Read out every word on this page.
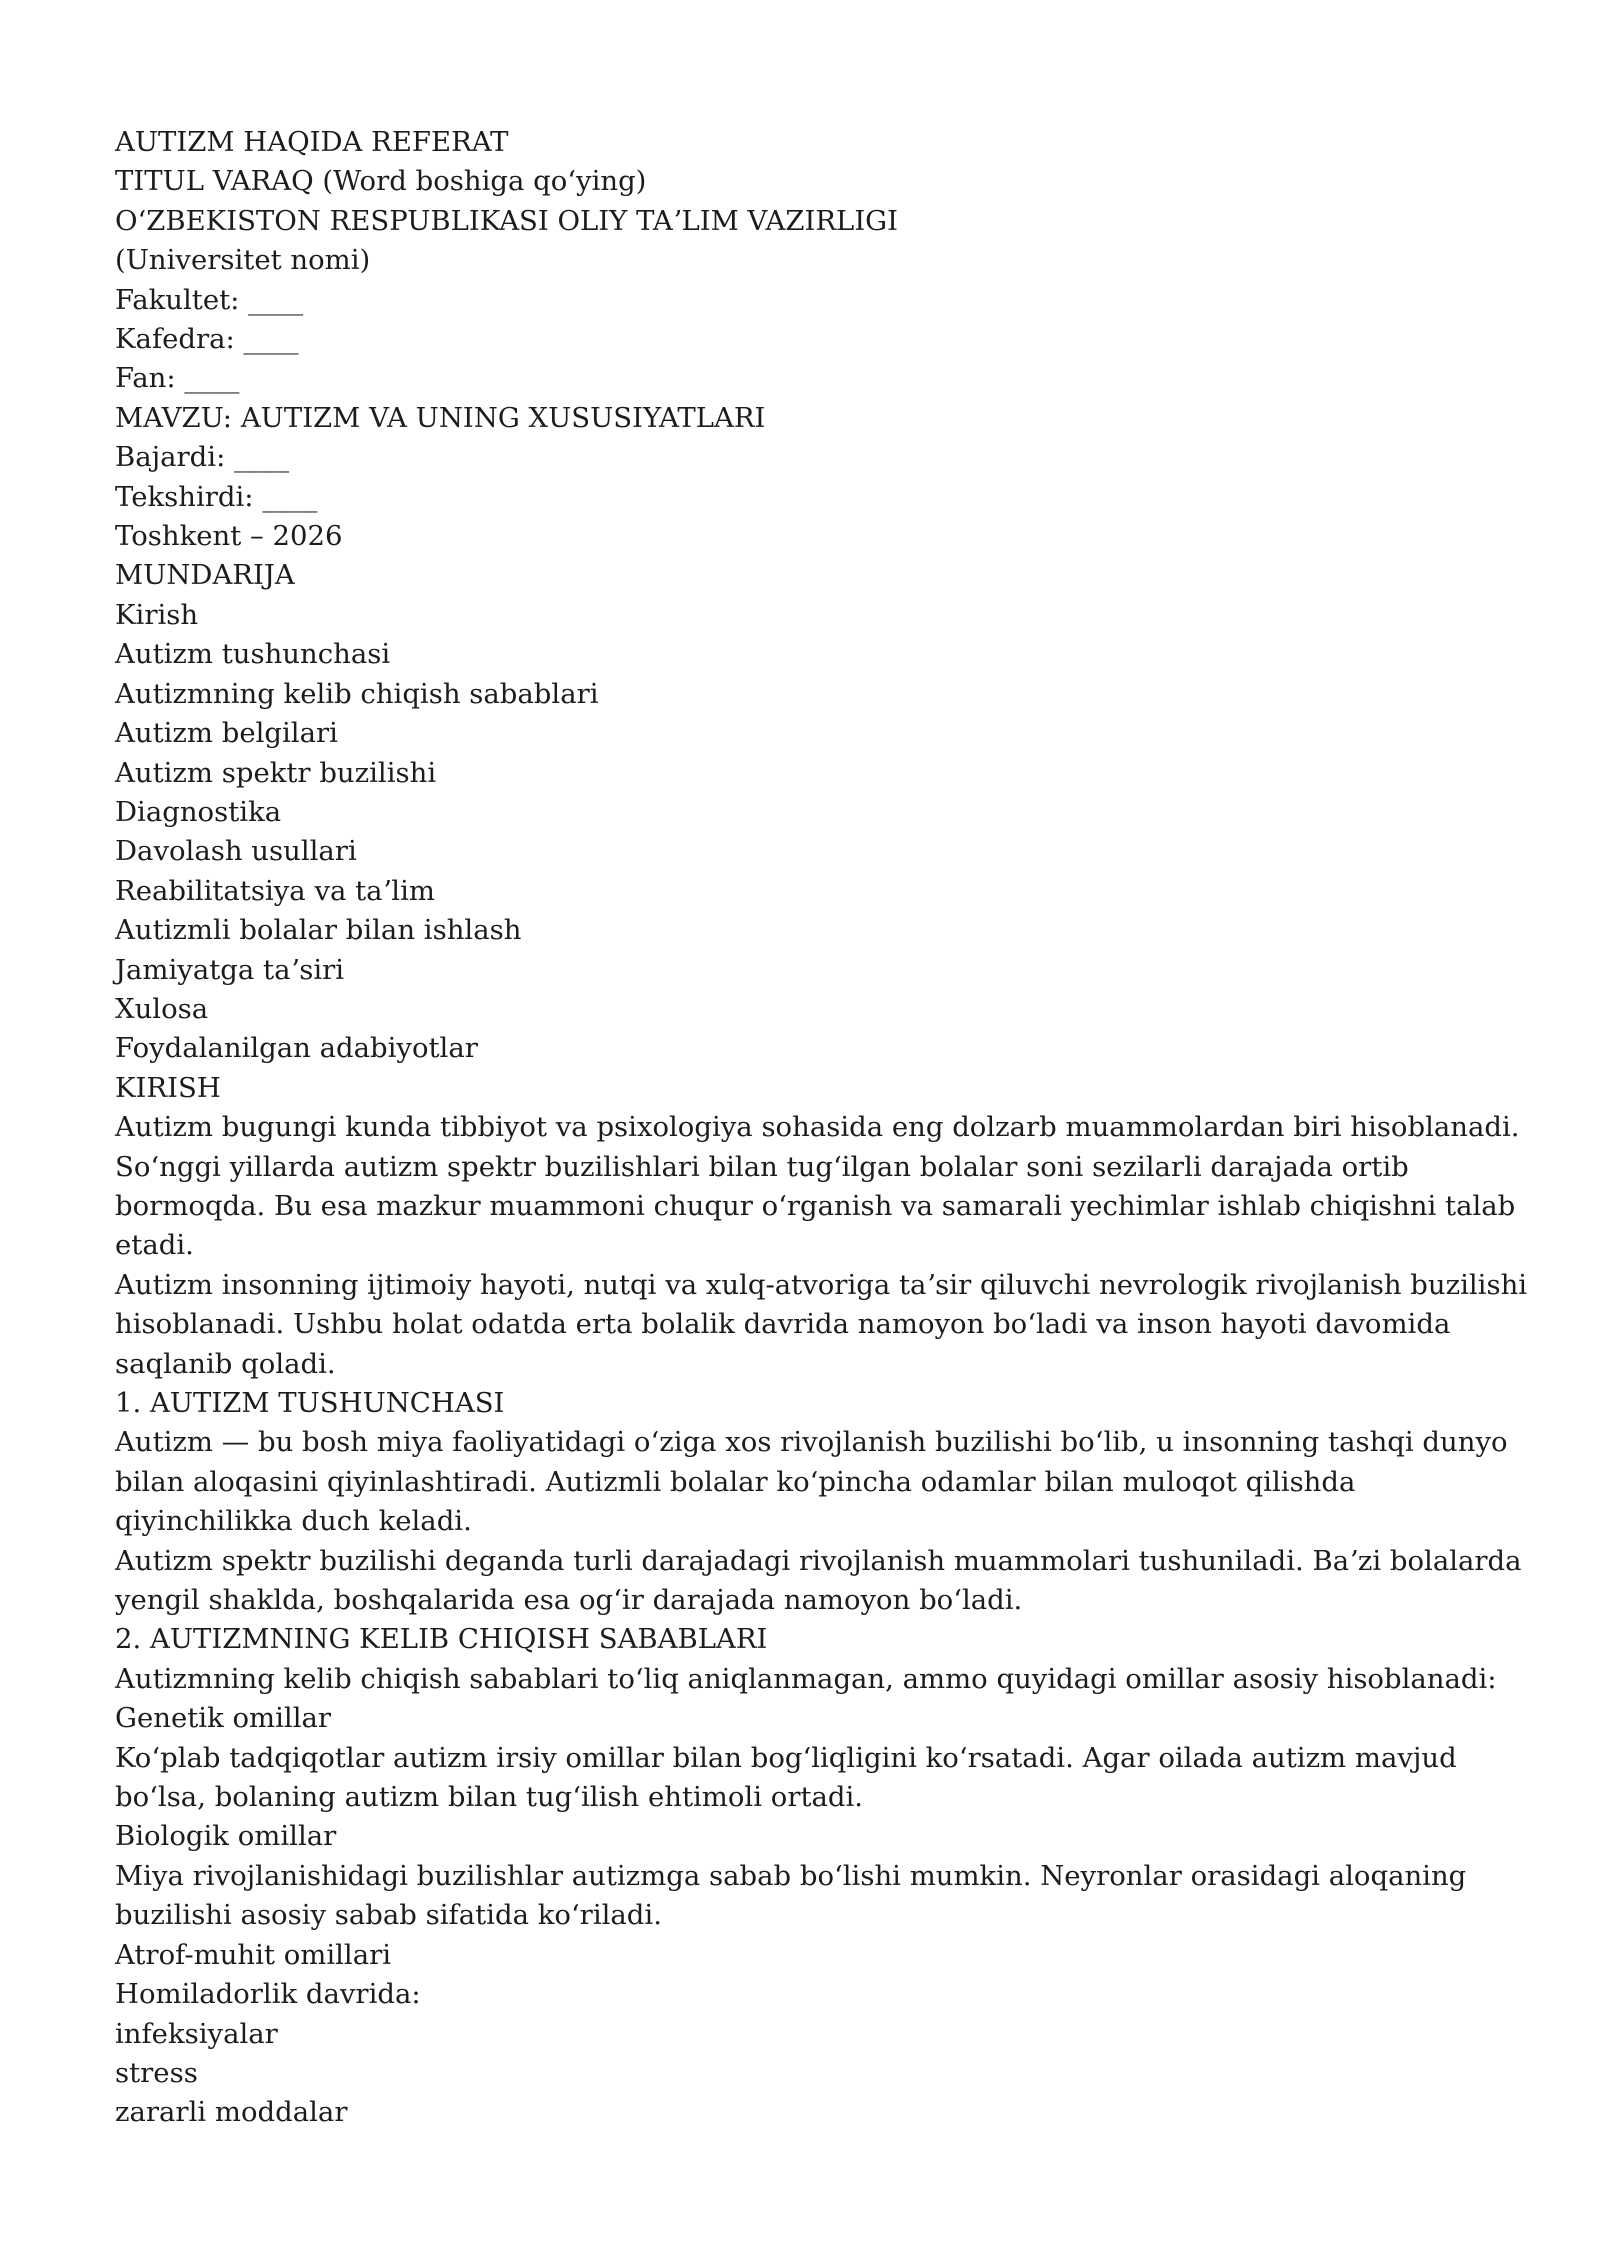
AUTIZM HAQIDA REFERAT
TITUL VARAQ (Word boshiga qoʻying)
OʻZBEKISTON RESPUBLIKASI OLIY TAʼLIM VAZIRLIGI
(Universitet nomi)
Fakultet: ____
Kafedra: ____
Fan: ____
MAVZU: AUTIZM VA UNING XUSUSIYATLARI
Bajardi: ____
Tekshirdi: ____
Toshkent – 2026
MUNDARIJA
Kirish
Autizm tushunchasi
Autizmning kelib chiqish sabablari
Autizm belgilari
Autizm spektr buzilishi
Diagnostika
Davolash usullari
Reabilitatsiya va taʼlim
Autizmli bolalar bilan ishlash
Jamiyatga taʼsiri
Xulosa
Foydalanilgan adabiyotlar
KIRISH
Autizm bugungi kunda tibbiyot va psixologiya sohasida eng dolzarb muammolardan biri hisoblanadi.
Soʻnggi yillarda autizm spektr buzilishlari bilan tugʻilgan bolalar soni sezilarli darajada ortib
bormoqda. Bu esa mazkur muammoni chuqur oʻrganish va samarali yechimlar ishlab chiqishni talab
etadi.
Autizm insonning ijtimoiy hayoti, nutqi va xulq-atvoriga taʼsir qiluvchi nevrologik rivojlanish buzilishi
hisoblanadi. Ushbu holat odatda erta bolalik davrida namoyon boʻladi va inson hayoti davomida
saqlanib qoladi.
1. AUTIZM TUSHUNCHASI
Autizm — bu bosh miya faoliyatidagi oʻziga xos rivojlanish buzilishi boʻlib, u insonning tashqi dunyo
bilan aloqasini qiyinlashtiradi. Autizmli bolalar koʻpincha odamlar bilan muloqot qilishda
qiyinchilikka duch keladi.
Autizm spektr buzilishi deganda turli darajadagi rivojlanish muammolari tushuniladi. Baʼzi bolalarda
yengil shaklda, boshqalarida esa ogʻir darajada namoyon boʻladi.
2. AUTIZMNING KELIB CHIQISH SABABLARI
Autizmning kelib chiqish sabablari toʻliq aniqlanmagan, ammo quyidagi omillar asosiy hisoblanadi:
Genetik omillar
Koʻplab tadqiqotlar autizm irsiy omillar bilan bogʻliqligini koʻrsatadi. Agar oilada autizm mavjud
boʻlsa, bolaning autizm bilan tugʻilish ehtimoli ortadi.
Biologik omillar
Miya rivojlanishidagi buzilishlar autizmga sabab boʻlishi mumkin. Neyronlar orasidagi aloqaning
buzilishi asosiy sabab sifatida koʻriladi.
Atrof-muhit omillari
Homiladorlik davrida:
infeksiyalar
stress
zararli moddalar
